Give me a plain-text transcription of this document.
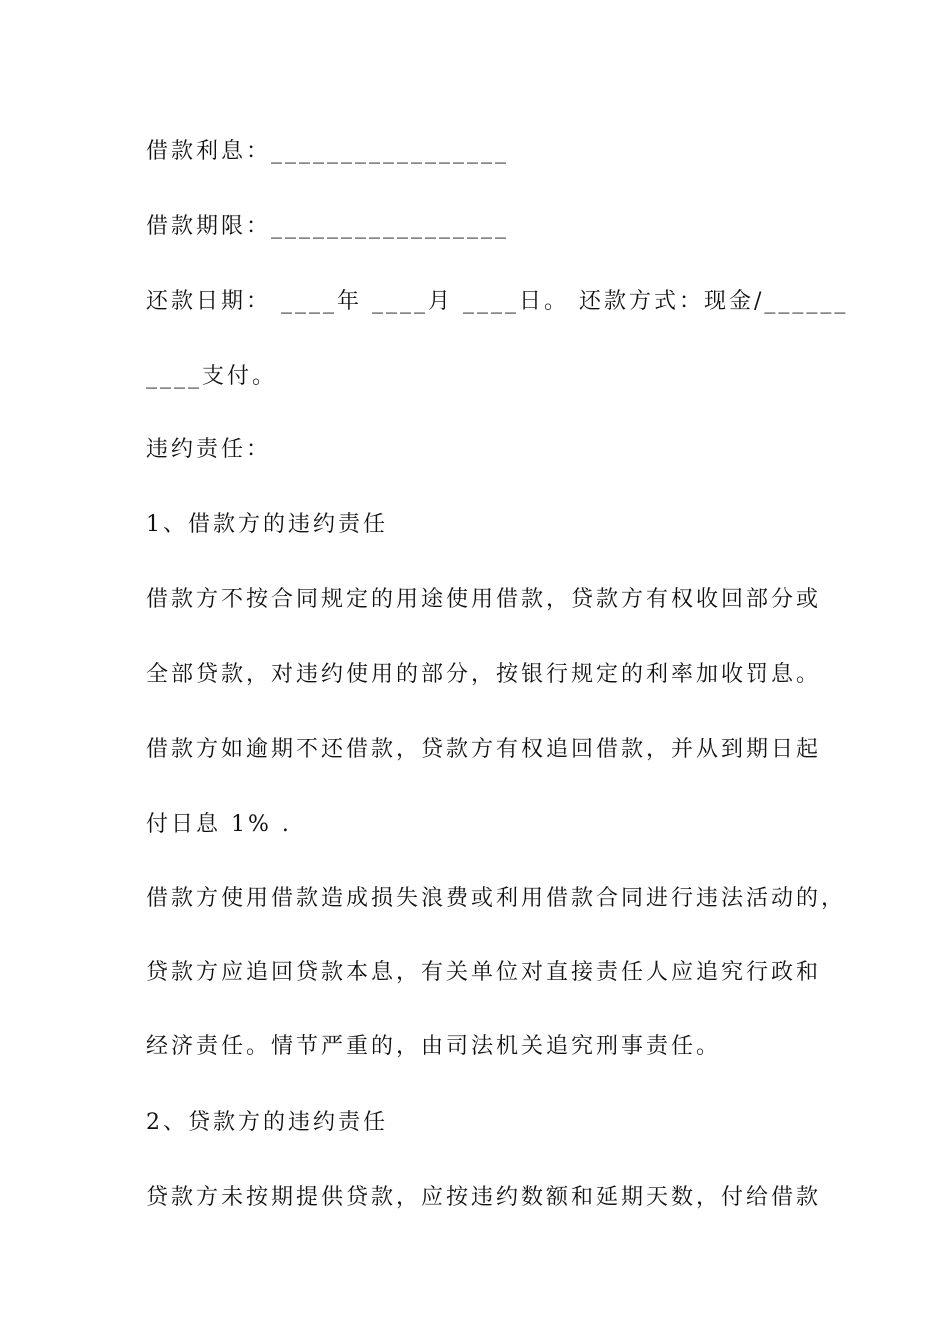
借款利息：_________________
借款期限：_________________
还款日期： ____年 ____月 ____日。 还款方式：现金/______
____支付。
违约责任：
1、借款方的违约责任
借款方不按合同规定的用途使用借款，贷款方有权收回部分或
全部贷款，对违约使用的部分，按银行规定的利率加收罚息。
借款方如逾期不还借款，贷款方有权追回借款，并从到期日起
付日息 1% .
借款方使用借款造成损失浪费或利用借款合同进行违法活动的，
贷款方应追回贷款本息，有关单位对直接责任人应追究行政和
经济责任。情节严重的，由司法机关追究刑事责任。
2、贷款方的违约责任
贷款方未按期提供贷款，应按违约数额和延期天数，付给借款
